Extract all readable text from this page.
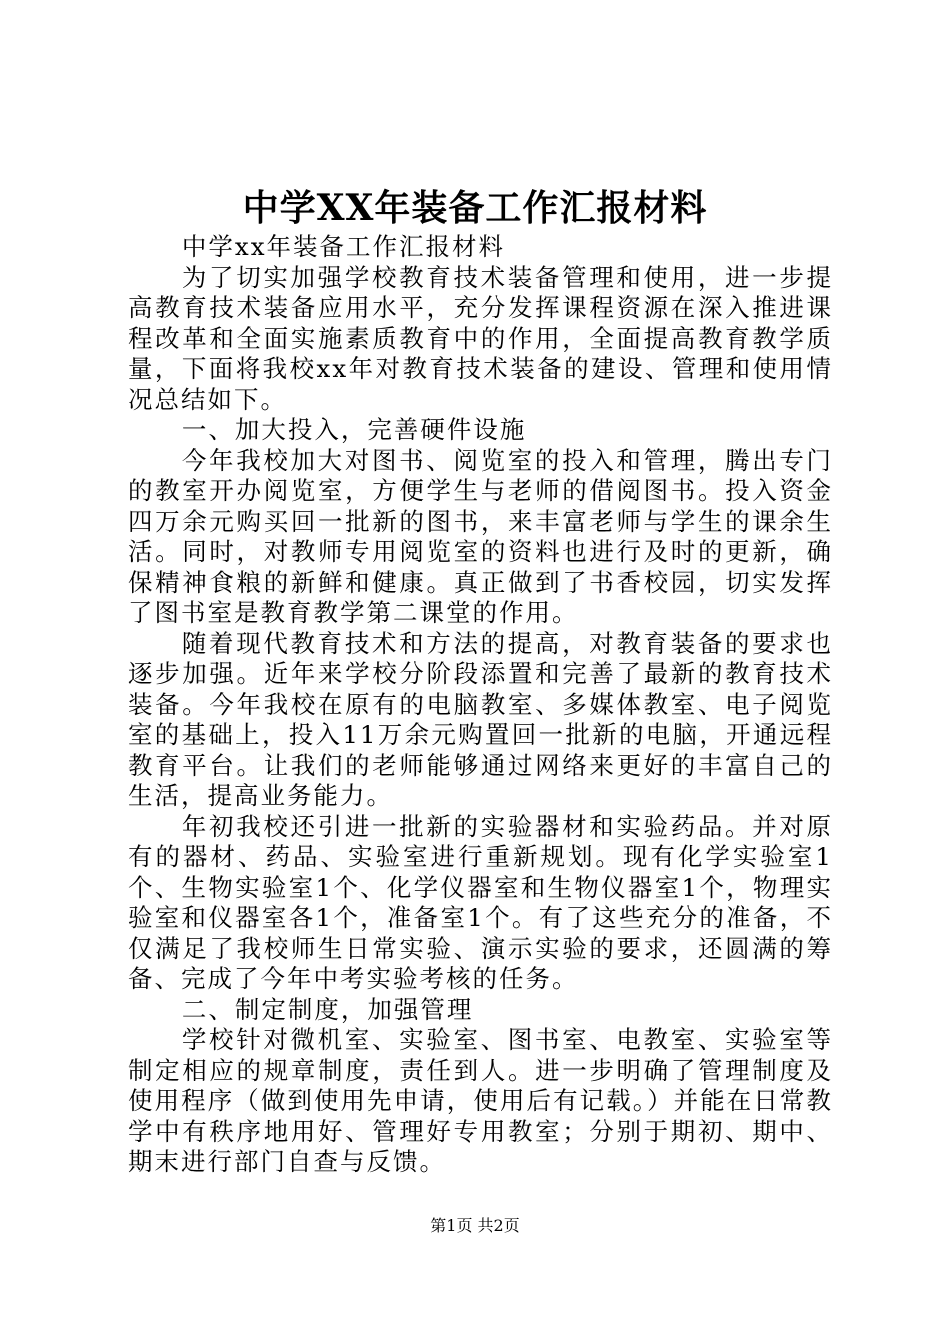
中学XX年装备工作汇报材料

中学xx年装备工作汇报材料

为了切实加强学校教育技术装备管理和使用，进一步提高教育技术装备应用水平，充分发挥课程资源在深入推进课程改革和全面实施素质教育中的作用，全面提高教育教学质量，下面将我校xx年对教育技术装备的建设、管理和使用情况总结如下。

一、加大投入，完善硬件设施

今年我校加大对图书、阅览室的投入和管理，腾出专门的教室开办阅览室，方便学生与老师的借阅图书。投入资金四万余元购买回一批新的图书，来丰富老师与学生的课余生活。同时，对教师专用阅览室的资料也进行及时的更新，确保精神食粮的新鲜和健康。真正做到了书香校园，切实发挥了图书室是教育教学第二课堂的作用。

随着现代教育技术和方法的提高，对教育装备的要求也逐步加强。近年来学校分阶段添置和完善了最新的教育技术装备。今年我校在原有的电脑教室、多媒体教室、电子阅览室的基础上，投入11万余元购置回一批新的电脑，开通远程教育平台。让我们的老师能够通过网络来更好的丰富自己的生活，提高业务能力。

年初我校还引进一批新的实验器材和实验药品。并对原有的器材、药品、实验室进行重新规划。现有化学实验室1个、生物实验室1个、化学仪器室和生物仪器室1个，物理实验室和仪器室各1个，准备室1个。有了这些充分的准备，不仅满足了我校师生日常实验、演示实验的要求，还圆满的筹备、完成了今年中考实验考核的任务。

二、制定制度，加强管理

学校针对微机室、实验室、图书室、电教室、实验室等制定相应的规章制度，责任到人。进一步明确了管理制度及使用程序（做到使用先申请，使用后有记载。）并能在日常教学中有秩序地用好、管理好专用教室；分别于期初、期中、期末进行部门自查与反馈。

第1页 共2页
